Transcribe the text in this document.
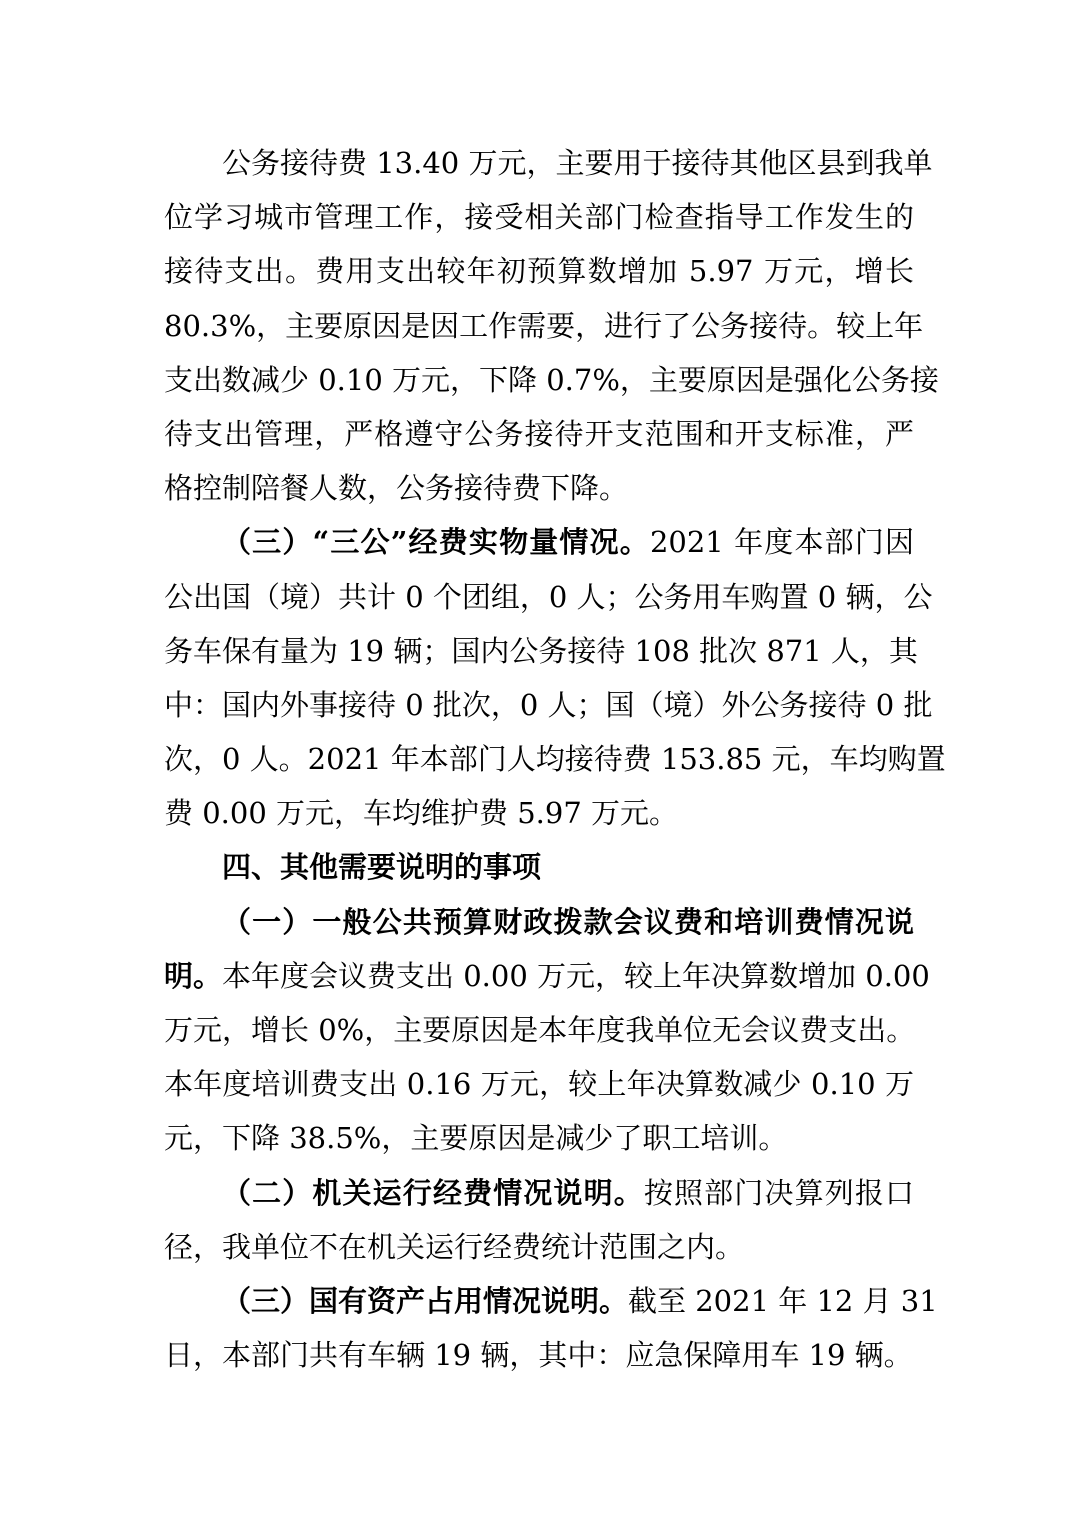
公务接待费 13.40 万元，主要用于接待其他区县到我单
位学习城市管理工作，接受相关部门检查指导工作发生的
接待支出。费用支出较年初预算数增加 5.97 万元，增长
80.3%，主要原因是因工作需要，进行了公务接待。较上年
支出数减少 0.10 万元，下降 0.7%，主要原因是强化公务接
待支出管理，严格遵守公务接待开支范围和开支标准，严
格控制陪餐人数，公务接待费下降。
（三）“三公”经费实物量情况。2021 年度本部门因
公出国（境）共计 0 个团组，0 人；公务用车购置 0 辆，公
务车保有量为 19 辆；国内公务接待 108 批次 871 人，其
中：国内外事接待 0 批次，0 人；国（境）外公务接待 0 批
次，0 人。2021 年本部门人均接待费 153.85 元，车均购置
费 0.00 万元，车均维护费 5.97 万元。
四、其他需要说明的事项
（一）一般公共预算财政拨款会议费和培训费情况说
明。本年度会议费支出 0.00 万元，较上年决算数增加 0.00
万元，增长 0%，主要原因是本年度我单位无会议费支出。
本年度培训费支出 0.16 万元，较上年决算数减少 0.10 万
元，下降 38.5%，主要原因是减少了职工培训。
（二）机关运行经费情况说明。按照部门决算列报口
径，我单位不在机关运行经费统计范围之内。
（三）国有资产占用情况说明。截至 2021 年 12 月 31
日，本部门共有车辆 19 辆，其中：应急保障用车 19 辆。
